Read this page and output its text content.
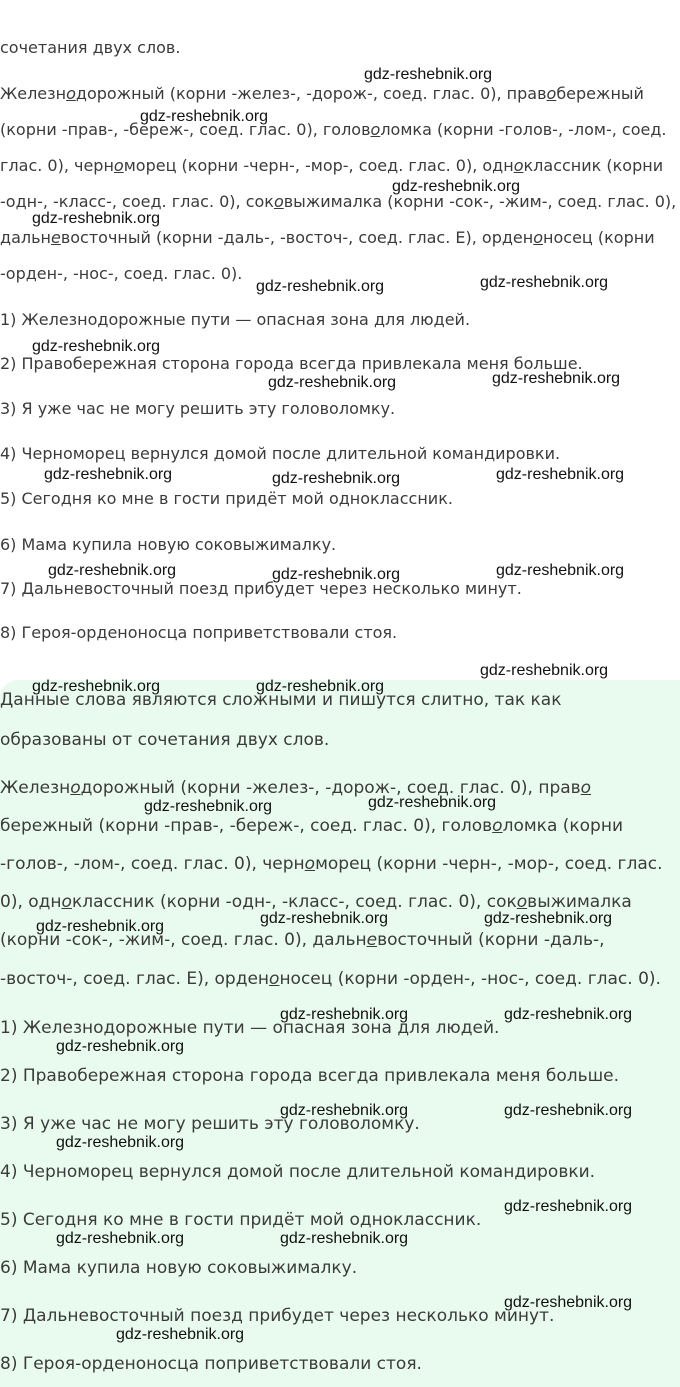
сочетания двух слов.
Железнодорожный (корни -желез-, -дорож-, соед. глас. 0), правобережный
(корни -прав-, -береж-, соед. глас. 0), головоломка (корни -голов-, -лом-, соед.
глас. 0), черноморец (корни -черн-, -мор-, соед. глас. 0), одноклассник (корни
-одн-, -класс-, соед. глас. 0), соковыжималка (корни -сок-, -жим-, соед. глас. 0),
дальневосточный (корни -даль-, -восточ-, соед. глас. Е), орденоносец (корни
-орден-, -нос-, соед. глас. 0).
1) Железнодорожные пути — опасная зона для людей.
2) Правобережная сторона города всегда привлекала меня больше.
3) Я уже час не могу решить эту головоломку.
4) Черноморец вернулся домой после длительной командировки.
5) Сегодня ко мне в гости придёт мой одноклассник.
6) Мама купила новую соковыжималку.
7) Дальневосточный поезд прибудет через несколько минут.
8) Героя-орденоносца поприветствовали стоя.
Данные слова являются сложными и пишутся слитно, так как
образованы от сочетания двух слов.
Железнодорожный (корни -желез-, -дорож-, соед. глас. 0), право
бережный (корни -прав-, -береж-, соед. глас. 0), головоломка (корни
-голов-, -лом-, соед. глас. 0), черноморец (корни -черн-, -мор-, соед. глас.
0), одноклассник (корни -одн-, -класс-, соед. глас. 0), соковыжималка
(корни -сок-, -жим-, соед. глас. 0), дальневосточный (корни -даль-,
-восточ-, соед. глас. Е), орденоносец (корни -орден-, -нос-, соед. глас. 0).
1) Железнодорожные пути — опасная зона для людей.
2) Правобережная сторона города всегда привлекала меня больше.
3) Я уже час не могу решить эту головоломку.
4) Черноморец вернулся домой после длительной командировки.
5) Сегодня ко мне в гости придёт мой одноклассник.
6) Мама купила новую соковыжималку.
7) Дальневосточный поезд прибудет через несколько минут.
8) Героя-орденоносца поприветствовали стоя.
gdz-reshebnik.org
gdz-reshebnik.org
gdz-reshebnik.org
gdz-reshebnik.org
gdz-reshebnik.org	gdz-reshebnik.org
gdz-reshebnik.org
gdz-reshebnik.org	gdz-reshebnik.org
gdz-reshebnik.org	gdz-reshebnik.org	gdz-reshebnik.org
gdz-reshebnik.org	gdz-reshebnik.org	gdz-reshebnik.org
gdz-reshebnik.org
gdz-reshebnik.org	gdz-reshebnik.org
gdz-reshebnik.org	gdz-reshebnik.org
gdz-reshebnik.org	gdz-reshebnik.org	gdz-reshebnik.org
gdz-reshebnik.org	gdz-reshebnik.org
gdz-reshebnik.org
gdz-reshebnik.org	gdz-reshebnik.org
gdz-reshebnik.org
gdz-reshebnik.org
gdz-reshebnik.org	gdz-reshebnik.org
gdz-reshebnik.org
gdz-reshebnik.org
